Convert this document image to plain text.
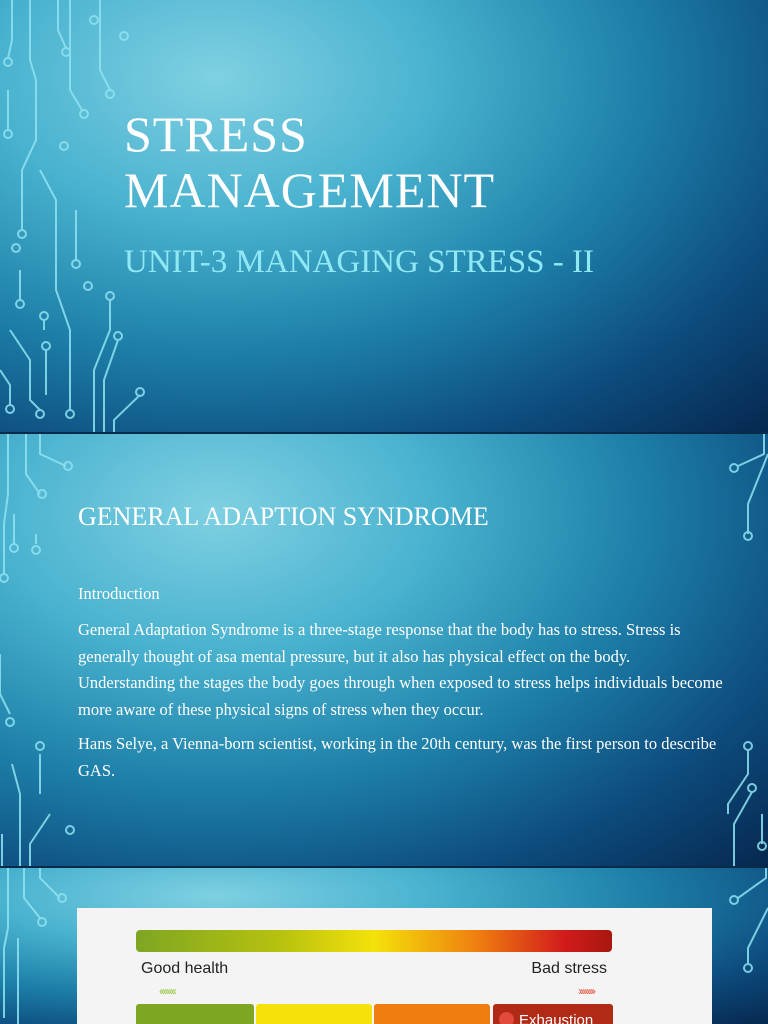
STRESS
MANAGEMENT
UNIT-3 MANAGING STRESS - II
GENERAL ADAPTION SYNDROME
Introduction

General Adaptation Syndrome is a three-stage response that the body has to stress. Stress is generally thought of asa mental pressure, but it also has physical effect on the body. Understanding the stages the body goes through when exposed to stress helps individuals become more aware of these physical signs of stress when they occur.

Hans Selye, a Vienna-born scientist, working in the 20th century, was the first person to describe GAS.

Good health	Bad stress
‹‹‹‹‹‹‹‹	››››››››
Exhaustion
